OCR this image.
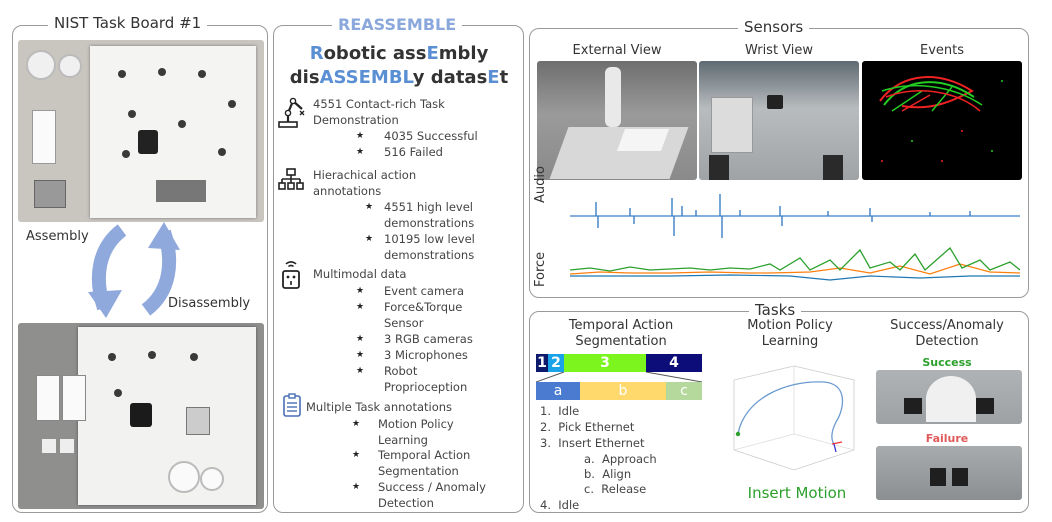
NIST Task Board #1
Assembly
Disassembly
REASSEMBLE
Robotic assEmbly
disASSEMBLy datasEt
4551 Contact-rich Task
Demonstration
★ 4035 Successful
★ 516 Failed
Hierachical action
annotations
★ 4551 high level
demonstrations
★ 10195 low level
demonstrations
Multimodal data
★ Event camera
★ Force&Torque
Sensor
★ 3 RGB cameras
★ 3 Microphones
★ Robot
Proprioception
Multiple Task annotations
★ Motion Policy
Learning
★ Temporal Action
Segmentation
★ Success / Anomaly
Detection
Sensors
External View	Wrist View	Events
Audio
Force
Tasks
Temporal Action
Segmentation
1 2	3	4
a	b	c
1.  Idle
2.  Pick Ethernet
3.  Insert Ethernet
a.  Approach
b.  Align
c.  Release
4.  Idle
Motion Policy
Learning
Insert Motion
Success/Anomaly
Detection
Success
Failure
